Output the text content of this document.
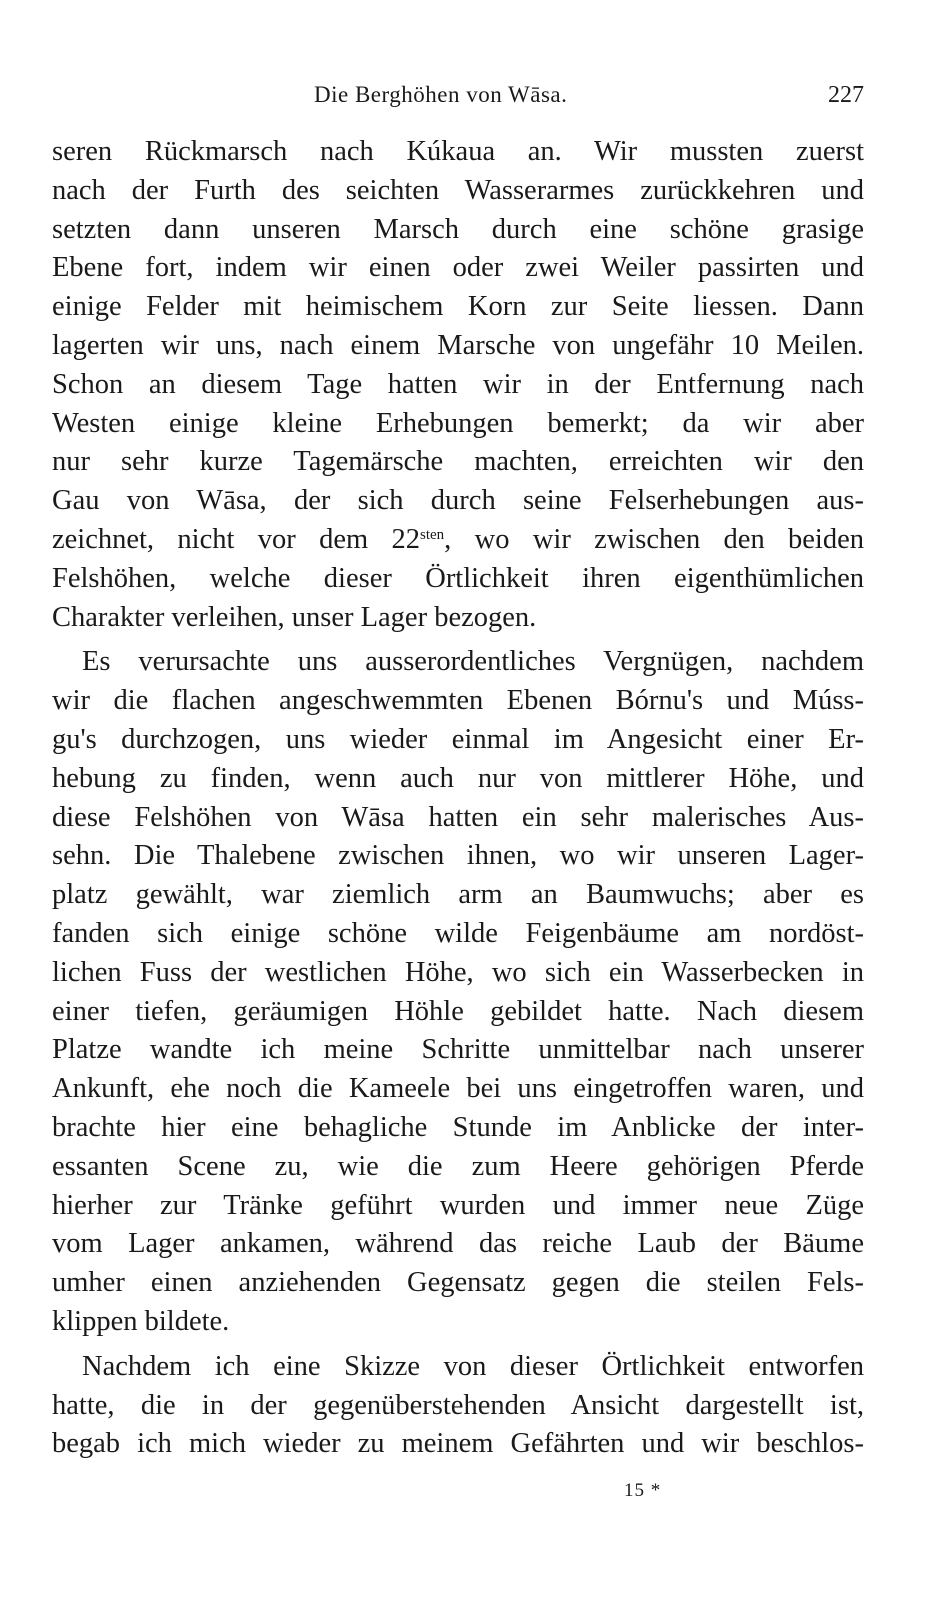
Die Berghöhen von Wāsa.	227
seren Rückmarsch nach Kúkaua an. Wir mussten zuerst
nach der Furth des seichten Wasserarmes zurückkehren und
setzten dann unseren Marsch durch eine schöne grasige
Ebene fort, indem wir einen oder zwei Weiler passirten und
einige Felder mit heimischem Korn zur Seite liessen. Dann
lagerten wir uns, nach einem Marsche von ungefähr 10 Meilen.
Schon an diesem Tage hatten wir in der Entfernung nach
Westen einige kleine Erhebungen bemerkt; da wir aber
nur sehr kurze Tagemärsche machten, erreichten wir den
Gau von Wāsa, der sich durch seine Felserhebungen aus-
zeichnet, nicht vor dem $22^{sten}$, wo wir zwischen den beiden
Felshöhen, welche dieser Örtlichkeit ihren eigenthümlichen
Charakter verleihen, unser Lager bezogen.
Es verursachte uns ausserordentliches Vergnügen, nachdem
wir die flachen angeschwemmten Ebenen Bórnu's und Múss-
gu's durchzogen, uns wieder einmal im Angesicht einer Er-
hebung zu finden, wenn auch nur von mittlerer Höhe, und
diese Felshöhen von Wāsa hatten ein sehr malerisches Aus-
sehn. Die Thalebene zwischen ihnen, wo wir unseren Lager-
platz gewählt, war ziemlich arm an Baumwuchs; aber es
fanden sich einige schöne wilde Feigenbäume am nordöst-
lichen Fuss der westlichen Höhe, wo sich ein Wasserbecken in
einer tiefen, geräumigen Höhle gebildet hatte. Nach diesem
Platze wandte ich meine Schritte unmittelbar nach unserer
Ankunft, ehe noch die Kameele bei uns eingetroffen waren, und
brachte hier eine behagliche Stunde im Anblicke der inter-
essanten Scene zu, wie die zum Heere gehörigen Pferde
hierher zur Tränke geführt wurden und immer neue Züge
vom Lager ankamen, während das reiche Laub der Bäume
umher einen anziehenden Gegensatz gegen die steilen Fels-
klippen bildete.
Nachdem ich eine Skizze von dieser Örtlichkeit entworfen
hatte, die in der gegenüberstehenden Ansicht dargestellt ist,
begab ich mich wieder zu meinem Gefährten und wir beschlos-
15 *
